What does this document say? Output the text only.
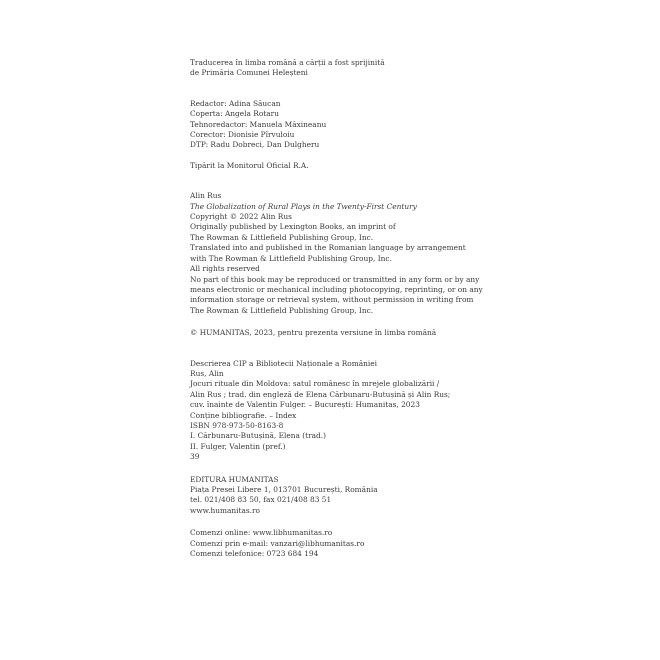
Traducerea în limba română a cărții a fost sprijinită
de Primăria Comunei Heleșteni
Redactor: Adina Săucan
Coperta: Angela Rotaru
Tehnoredactor: Manuela Măxineanu
Corector: Dionisie Pîrvuloiu
DTP: Radu Dobreci, Dan Dulgheru
Tipărit la Monitorul Oficial R.A.
Alin Rus
The Globalization of Rural Plays in the Twenty-First Century
Copyright © 2022 Alin Rus
Originally published by Lexington Books, an imprint of
The Rowman & Littlefield Publishing Group, Inc.
Translated into and published in the Romanian language by arrangement
with The Rowman & Littlefield Publishing Group, Inc.
All rights reserved
No part of this book may be reproduced or transmitted in any form or by any
means electronic or mechanical including photocopying, reprinting, or on any
information storage or retrieval system, without permission in writing from
The Rowman & Littlefield Publishing Group, Inc.
© HUMANITAS, 2023, pentru prezenta versiune în limba română
Descrierea CIP a Bibliotecii Naționale a României
Rus, Alin
Jocuri rituale din Moldova: satul românesc în mrejele globalizării /
Alin Rus ; trad. din engleză de Elena Cărbunaru-Butușină și Alin Rus;
cuv. înainte de Valentin Fulger. – București: Humanitas, 2023
Conține bibliografie. – Index
ISBN 978-973-50-8163-8
I. Cărbunaru-Butușină, Elena (trad.)
II. Fulger, Valentin (pref.)
39
EDITURA HUMANITAS
Piața Presei Libere 1, 013701 București, România
tel. 021/408 83 50, fax 021/408 83 51
www.humanitas.ro
Comenzi online: www.libhumanitas.ro
Comenzi prin e-mail: vanzari@libhumanitas.ro
Comenzi telefonice: 0723 684 194
